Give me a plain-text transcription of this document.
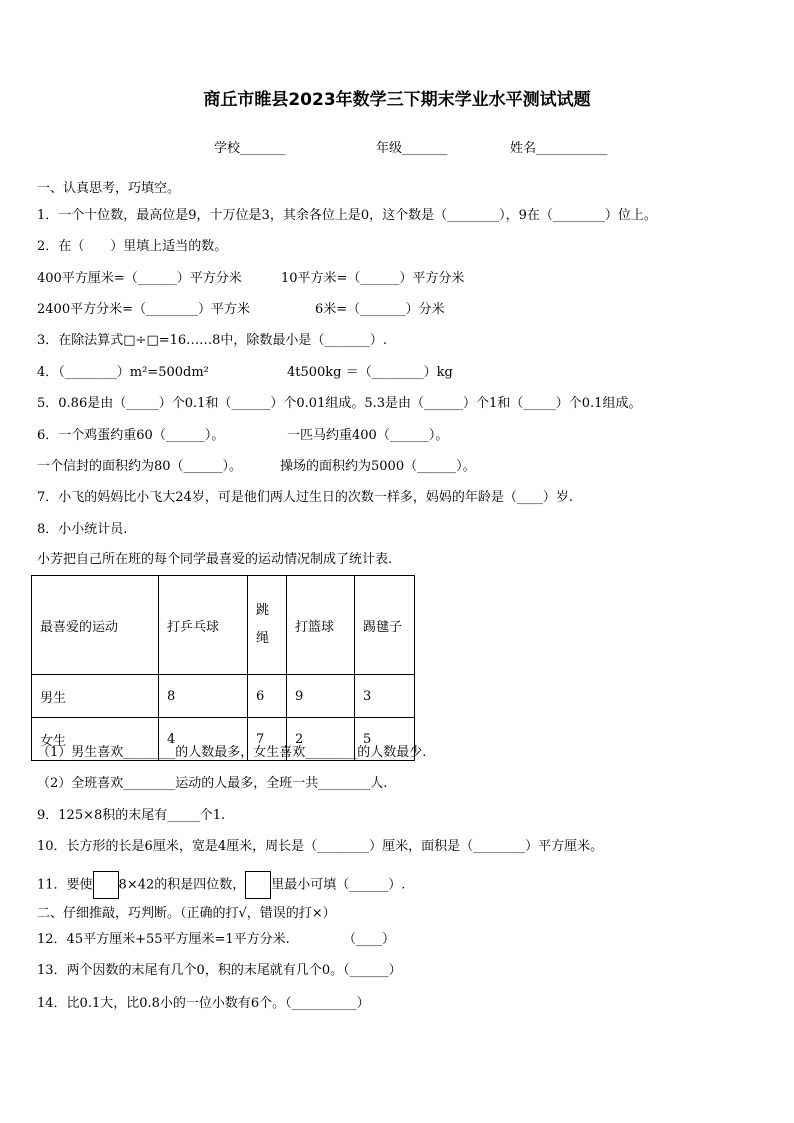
商丘市睢县2023年数学三下期末学业水平测试试题
学校_______	年级_______	姓名___________
一、认真思考，巧填空。
1．一个十位数，最高位是9，十万位是3，其余各位上是0，这个数是（________），9在（________）位上。
2．在（　　）里填上适当的数。
400平方厘米=（______）平方分米	10平方米=（______）平方分米
2400平方分米=（________）平方米	6米=（_______）分米
3．在除法算式□÷□=16……8中，除数最小是（_______）.
4．（________）m²=500dm²	4t500kg ＝（________）kg
5．0.86是由（_____）个0.1和（______）个0.01组成。5.3是由（______）个1和（_____）个0.1组成。
6．一个鸡蛋约重60（______）。	一匹马约重400（______）。
一个信封的面积约为80（______）。	操场的面积约为5000（______）。
7．小飞的妈妈比小飞大24岁，可是他们两人过生日的次数一样多，妈妈的年龄是（____）岁.
8．小小统计员.
小芳把自己所在班的每个同学最喜爱的运动情况制成了统计表.
最喜爱的运动	打乒乓球	跳绳	打篮球	踢毽子
男生	8	6	9	3
女生	4	7	2	5
（1）男生喜欢________的人数最多，女生喜欢________的人数最少.
（2）全班喜欢________运动的人最多，全班一共________人.
9．125×8积的末尾有_____个1.
10．长方形的长是6厘米，宽是4厘米，周长是（________）厘米，面积是（________）平方厘米。
11．要使 8×42的积是四位数， 里最小可填（______）.
二、仔细推敲，巧判断。（正确的打√，错误的打×）
12．45平方厘米+55平方厘米=1平方分米.	（____）
13．两个因数的末尾有几个0，积的末尾就有几个0。（______）
14．比0.1大，比0.8小的一位小数有6个。（__________）
